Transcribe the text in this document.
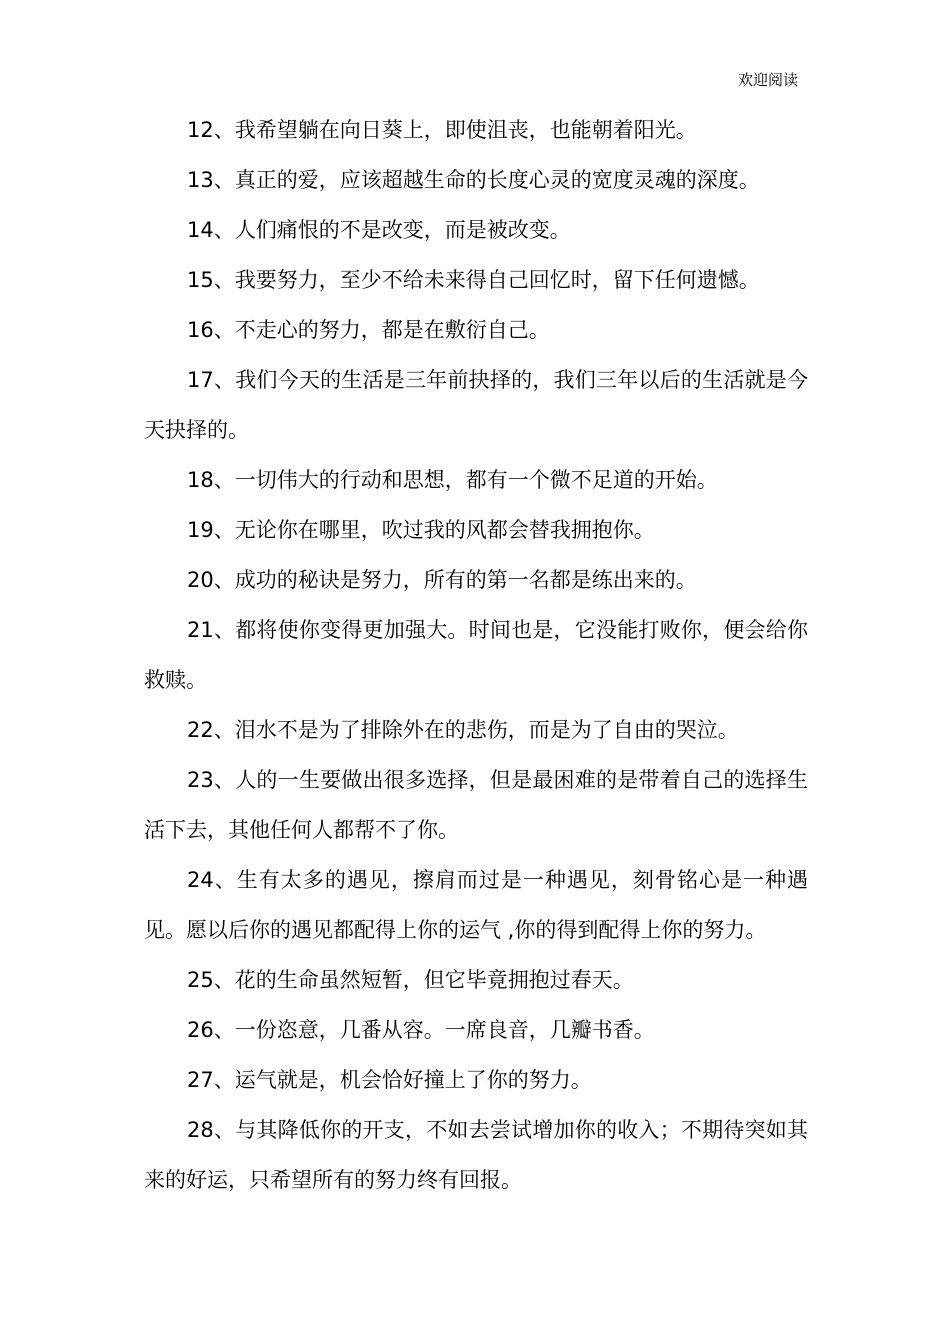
欢迎阅读

12、我希望躺在向日葵上，即使沮丧，也能朝着阳光。

13、真正的爱，应该超越生命的长度心灵的宽度灵魂的深度。

14、人们痛恨的不是改变，而是被改变。

15、我要努力，至少不给未来得自己回忆时，留下任何遗憾。

16、不走心的努力，都是在敷衍自己。

17、我们今天的生活是三年前抉择的，我们三年以后的生活就是今天抉择的。

18、一切伟大的行动和思想，都有一个微不足道的开始。

19、无论你在哪里，吹过我的风都会替我拥抱你。

20、成功的秘诀是努力，所有的第一名都是练出来的。

21、都将使你变得更加强大。时间也是，它没能打败你，便会给你救赎。

22、泪水不是为了排除外在的悲伤，而是为了自由的哭泣。

23、人的一生要做出很多选择，但是最困难的是带着自己的选择生活下去，其他任何人都帮不了你。

24、生有太多的遇见，擦肩而过是一种遇见，刻骨铭心是一种遇见。愿以后你的遇见都配得上你的运气 ,你的得到配得上你的努力。

25、花的生命虽然短暂，但它毕竟拥抱过春天。

26、一份恣意，几番从容。一席良音，几瓣书香。

27、运气就是，机会恰好撞上了你的努力。

28、与其降低你的开支，不如去尝试增加你的收入；不期待突如其来的好运，只希望所有的努力终有回报。
